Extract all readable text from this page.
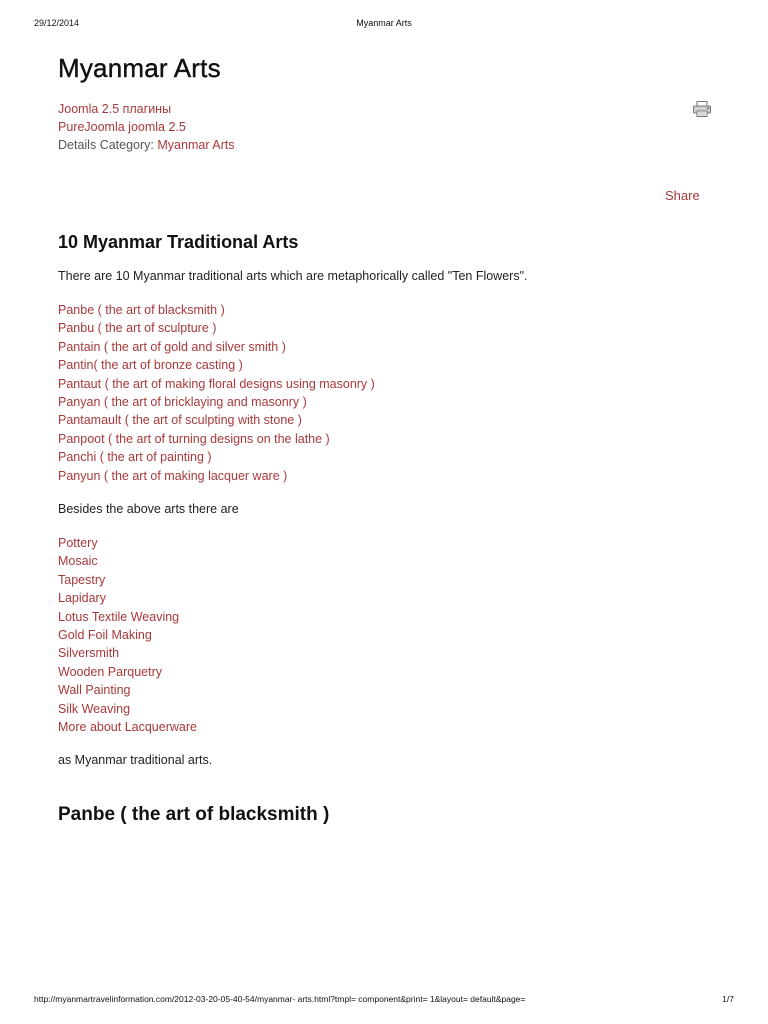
29/12/2014	Myanmar Arts
Myanmar Arts
Joomla 2.5 плагины
PureJoomla joomla 2.5
Details Category: Myanmar Arts
Share
10 Myanmar Traditional Arts

There are 10 Myanmar traditional arts which are metaphorically called "Ten Flowers".

Panbe ( the art of blacksmith )
Panbu ( the art of sculpture )
Pantain ( the art of gold and silver smith )
Pantin( the art of bronze casting )
Pantaut ( the art of making floral designs using masonry )
Panyan ( the art of bricklaying and masonry )
Pantamault ( the art of sculpting with stone )
Panpoot ( the art of turning designs on the lathe )
Panchi ( the art of painting )
Panyun ( the art of making lacquer ware )

Besides the above arts there are

Pottery
Mosaic
Tapestry
Lapidary
Lotus Textile Weaving
Gold Foil Making
Silversmith
Wooden Parquetry
Wall Painting
Silk Weaving
More about Lacquerware

as Myanmar traditional arts.

Panbe ( the art of blacksmith )
http://myanmartravelinformation.com/2012-03-20-05-40-54/myanmar- arts.html?tmpl= component&print= 1&layout= default&page=	1/7
